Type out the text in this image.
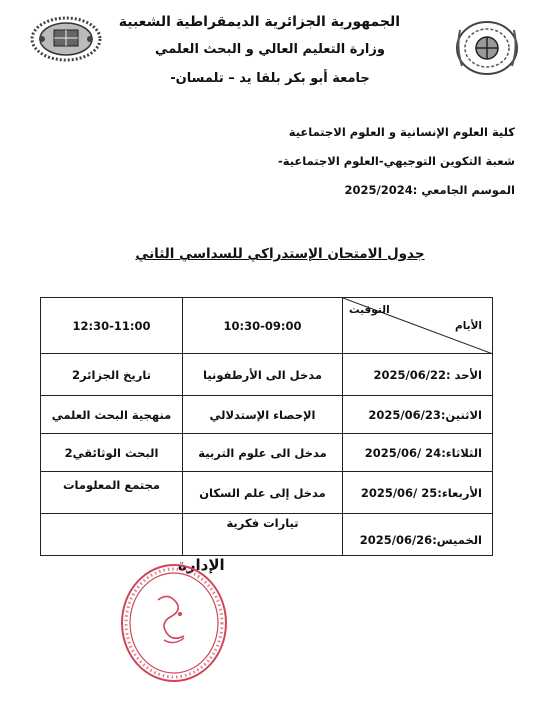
الجمهورية الجزائرية الديمقراطية الشعبية
وزارة التعليم العالي و البحث العلمي
جامعة أبو بكر بلقا يد – تلمسان-
كلية العلوم الإنسانية و العلوم الاجتماعية
شعبة التكوين التوجيهي-العلوم الاجتماعية-
الموسم الجامعي :2025/2024
جدول الامتحان الإستدراكي للسداسي الثاني
12:30-11:00	10:30-09:00	التوقيت
الأيام

تاريخ الجزائر2	مدخل الى الأرطفونيا	الأحد :2025/06/22
منهجية البحث العلمي	الإحصاء الإستدلالي	الاثنين:2025/06/23
البحث الوثائقي2	مدخل الى علوم التربية	الثلاثاء:24 /2025/06
مجتمع المعلومات	مدخل إلى علم السكان	الأربعاء:25 /2025/06
	تيارات فكرية	الخميس:2025/06/26
الإدارة
